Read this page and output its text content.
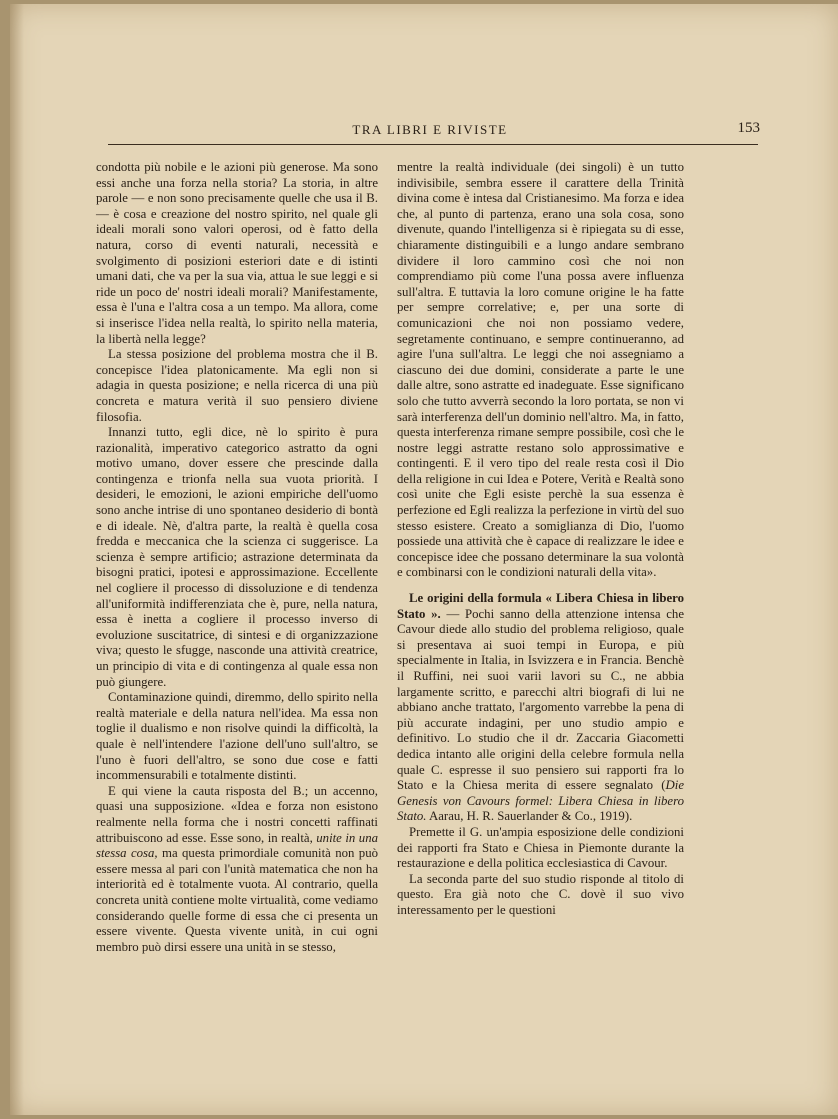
TRA LIBRI E RIVISTE	153

condotta più nobile e le azioni più generose. Ma sono essi anche una forza nella storia? La storia, in altre parole — e non sono precisamente quelle che usa il B. — è cosa e creazione del nostro spirito, nel quale gli ideali morali sono valori operosi, od è fatto della natura, corso di eventi naturali, necessità e svolgimento di posizioni esteriori date e di istinti umani dati, che va per la sua via, attua le sue leggi e si ride un poco de' nostri ideali morali? Manifestamente, essa è l'una e l'altra cosa a un tempo. Ma allora, come si inserisce l'idea nella realtà, lo spirito nella materia, la libertà nella legge?

La stessa posizione del problema mostra che il B. concepisce l'idea platonicamente. Ma egli non si adagia in questa posizione; e nella ricerca di una più concreta e matura verità il suo pensiero diviene filosofia.

Innanzi tutto, egli dice, nè lo spirito è pura razionalità, imperativo categorico astratto da ogni motivo umano, dover essere che prescinde dalla contingenza e trionfa nella sua vuota priorità. I desideri, le emozioni, le azioni empiriche dell'uomo sono anche intrise di uno spontaneo desiderio di bontà e di ideale. Nè, d'altra parte, la realtà è quella cosa fredda e meccanica che la scienza ci suggerisce. La scienza è sempre artificio; astrazione determinata da bisogni pratici, ipotesi e approssimazione. Eccellente nel cogliere il processo di dissoluzione e di tendenza all'uniformità indifferenziata che è, pure, nella natura, essa è inetta a cogliere il processo inverso di evoluzione suscitatrice, di sintesi e di organizzazione viva; questo le sfugge, nasconde una attività creatrice, un principio di vita e di contingenza al quale essa non può giungere.

Contaminazione quindi, diremmo, dello spirito nella realtà materiale e della natura nell'idea. Ma essa non toglie il dualismo e non risolve quindi la difficoltà, la quale è nell'intendere l'azione dell'uno sull'altro, se l'uno è fuori dell'altro, se sono due cose e fatti incommensurabili e totalmente distinti.

E qui viene la cauta risposta del B.; un accenno, quasi una supposizione. «Idea e forza non esistono realmente nella forma che i nostri concetti raffinati attribuiscono ad esse. Esse sono, in realtà, unite in una stessa cosa, ma questa primordiale comunità non può essere messa al pari con l'unità matematica che non ha interiorità ed è totalmente vuota. Al contrario, quella concreta unità contiene molte virtualità, come vediamo considerando quelle forme di essa che ci presenta un essere vivente. Questa vivente unità, in cui ogni membro può dirsi essere una unità in se stesso,

mentre la realtà individuale (dei singoli) è un tutto indivisibile, sembra essere il carattere della Trinità divina come è intesa dal Cristianesimo. Ma forza e idea che, al punto di partenza, erano una sola cosa, sono divenute, quando l'intelligenza si è ripiegata su di esse, chiaramente distinguibili e a lungo andare sembrano dividere il loro cammino così che noi non comprendiamo più come l'una possa avere influenza sull'altra. E tuttavia la loro comune origine le ha fatte per sempre correlative; e, per una sorte di comunicazioni che noi non possiamo vedere, segretamente continuano, e sempre continueranno, ad agire l'una sull'altra. Le leggi che noi assegniamo a ciascuno dei due domini, considerate a parte le une dalle altre, sono astratte ed inadeguate. Esse significano solo che tutto avverrà secondo la loro portata, se non vi sarà interferenza dell'un dominio nell'altro. Ma, in fatto, questa interferenza rimane sempre possibile, così che le nostre leggi astratte restano solo approssimative e contingenti. E il vero tipo del reale resta così il Dio della religione in cui Idea e Potere, Verità e Realtà sono così unite che Egli esiste perchè la sua essenza è perfezione ed Egli realizza la perfezione in virtù del suo stesso esistere. Creato a somiglianza di Dio, l'uomo possiede una attività che è capace di realizzare le idee e concepisce idee che possano determinare la sua volontà e combinarsi con le condizioni naturali della vita».

Le origini della formula « Libera Chiesa in libero Stato ». — Pochi sanno della attenzione intensa che Cavour diede allo studio del problema religioso, quale si presentava ai suoi tempi in Europa, e più specialmente in Italia, in Isvizzera e in Francia. Benchè il Ruffini, nei suoi varii lavori su C., ne abbia largamente scritto, e parecchi altri biografi di lui ne abbiano anche trattato, l'argomento varrebbe la pena di più accurate indagini, per uno studio ampio e definitivo. Lo studio che il dr. Zaccaria Giacometti dedica intanto alle origini della celebre formula nella quale C. espresse il suo pensiero sui rapporti fra lo Stato e la Chiesa merita di essere segnalato (Die Genesis von Cavours formel: Libera Chiesa in libero Stato. Aarau, H. R. Sauerlander & Co., 1919).

Premette il G. un'ampia esposizione delle condizioni dei rapporti fra Stato e Chiesa in Piemonte durante la restaurazione e della politica ecclesiastica di Cavour.

La seconda parte del suo studio risponde al titolo di questo. Era già noto che C. dovè il suo vivo interessamento per le questioni
